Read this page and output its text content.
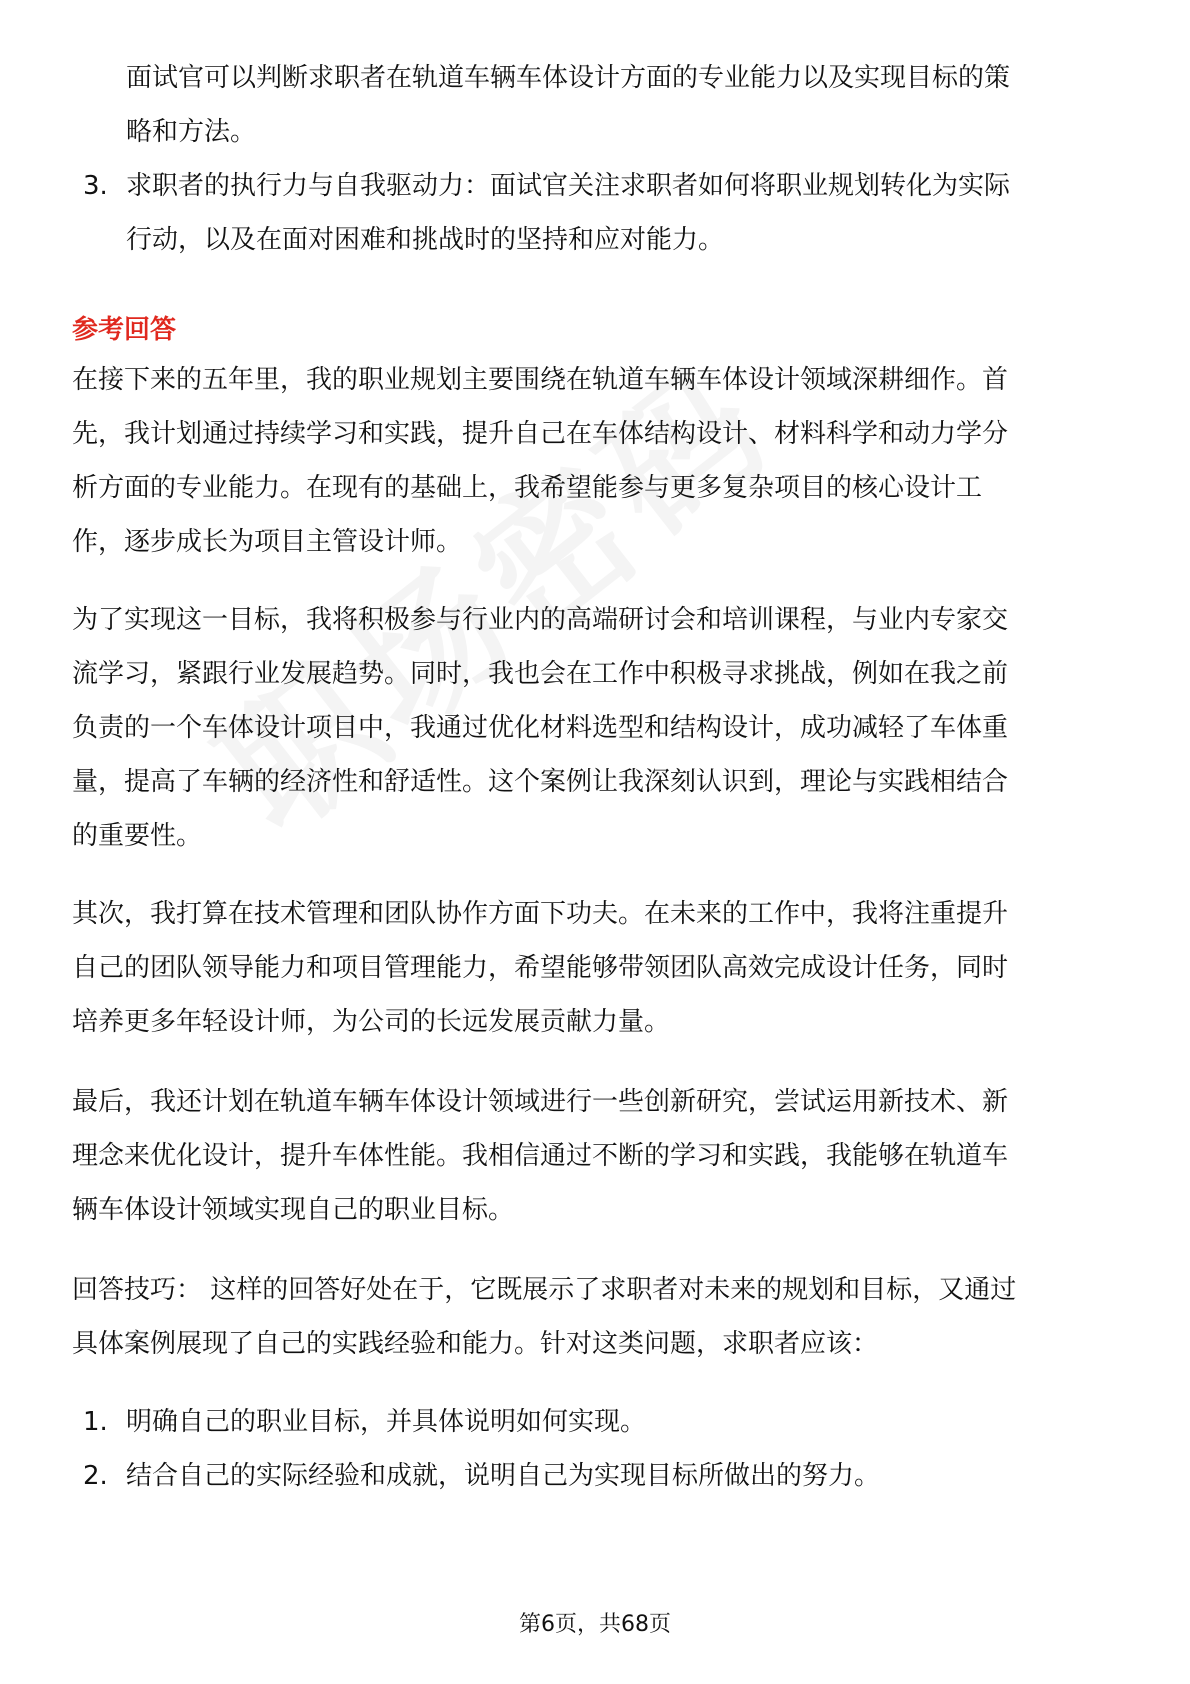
面试官可以判断求职者在轨道车辆车体设计方面的专业能力以及实现目标的策
略和方法。
3. 求职者的执行力与自我驱动力：面试官关注求职者如何将职业规划转化为实际
行动，以及在面对困难和挑战时的坚持和应对能力。
参考回答
在接下来的五年里，我的职业规划主要围绕在轨道车辆车体设计领域深耕细作。首
先，我计划通过持续学习和实践，提升自己在车体结构设计、材料科学和动力学分
析方面的专业能力。在现有的基础上，我希望能参与更多复杂项目的核心设计工
作，逐步成长为项目主管设计师。
为了实现这一目标，我将积极参与行业内的高端研讨会和培训课程，与业内专家交
流学习，紧跟行业发展趋势。同时，我也会在工作中积极寻求挑战，例如在我之前
负责的一个车体设计项目中，我通过优化材料选型和结构设计，成功减轻了车体重
量，提高了车辆的经济性和舒适性。这个案例让我深刻认识到，理论与实践相结合
的重要性。
其次，我打算在技术管理和团队协作方面下功夫。在未来的工作中，我将注重提升
自己的团队领导能力和项目管理能力，希望能够带领团队高效完成设计任务，同时
培养更多年轻设计师，为公司的长远发展贡献力量。
最后，我还计划在轨道车辆车体设计领域进行一些创新研究，尝试运用新技术、新
理念来优化设计，提升车体性能。我相信通过不断的学习和实践，我能够在轨道车
辆车体设计领域实现自己的职业目标。
回答技巧： 这样的回答好处在于，它既展示了求职者对未来的规划和目标，又通过
具体案例展现了自己的实践经验和能力。针对这类问题，求职者应该：
1. 明确自己的职业目标，并具体说明如何实现。
2. 结合自己的实际经验和成就，说明自己为实现目标所做出的努力。
第6页，共68页
